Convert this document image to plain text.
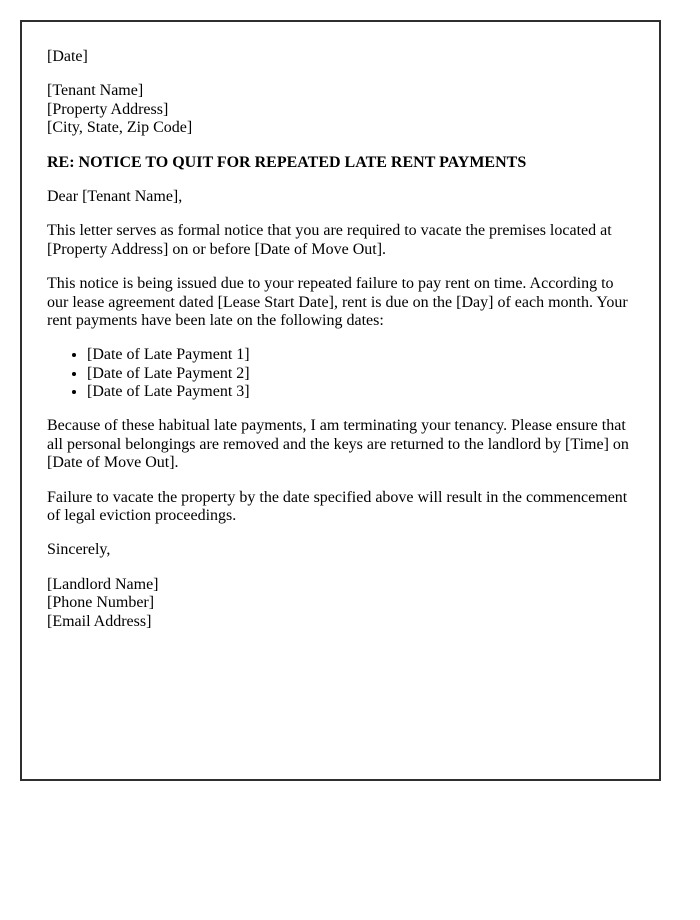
[Date]

[Tenant Name]
[Property Address]
[City, State, Zip Code]

RE: NOTICE TO QUIT FOR REPEATED LATE RENT PAYMENTS

Dear [Tenant Name],

This letter serves as formal notice that you are required to vacate the premises located at [Property Address] on or before [Date of Move Out].

This notice is being issued due to your repeated failure to pay rent on time. According to our lease agreement dated [Lease Start Date], rent is due on the [Day] of each month. Your rent payments have been late on the following dates:

• [Date of Late Payment 1]
• [Date of Late Payment 2]
• [Date of Late Payment 3]

Because of these habitual late payments, I am terminating your tenancy. Please ensure that all personal belongings are removed and the keys are returned to the landlord by [Time] on [Date of Move Out].

Failure to vacate the property by the date specified above will result in the commencement of legal eviction proceedings.

Sincerely,

[Landlord Name]
[Phone Number]
[Email Address]
